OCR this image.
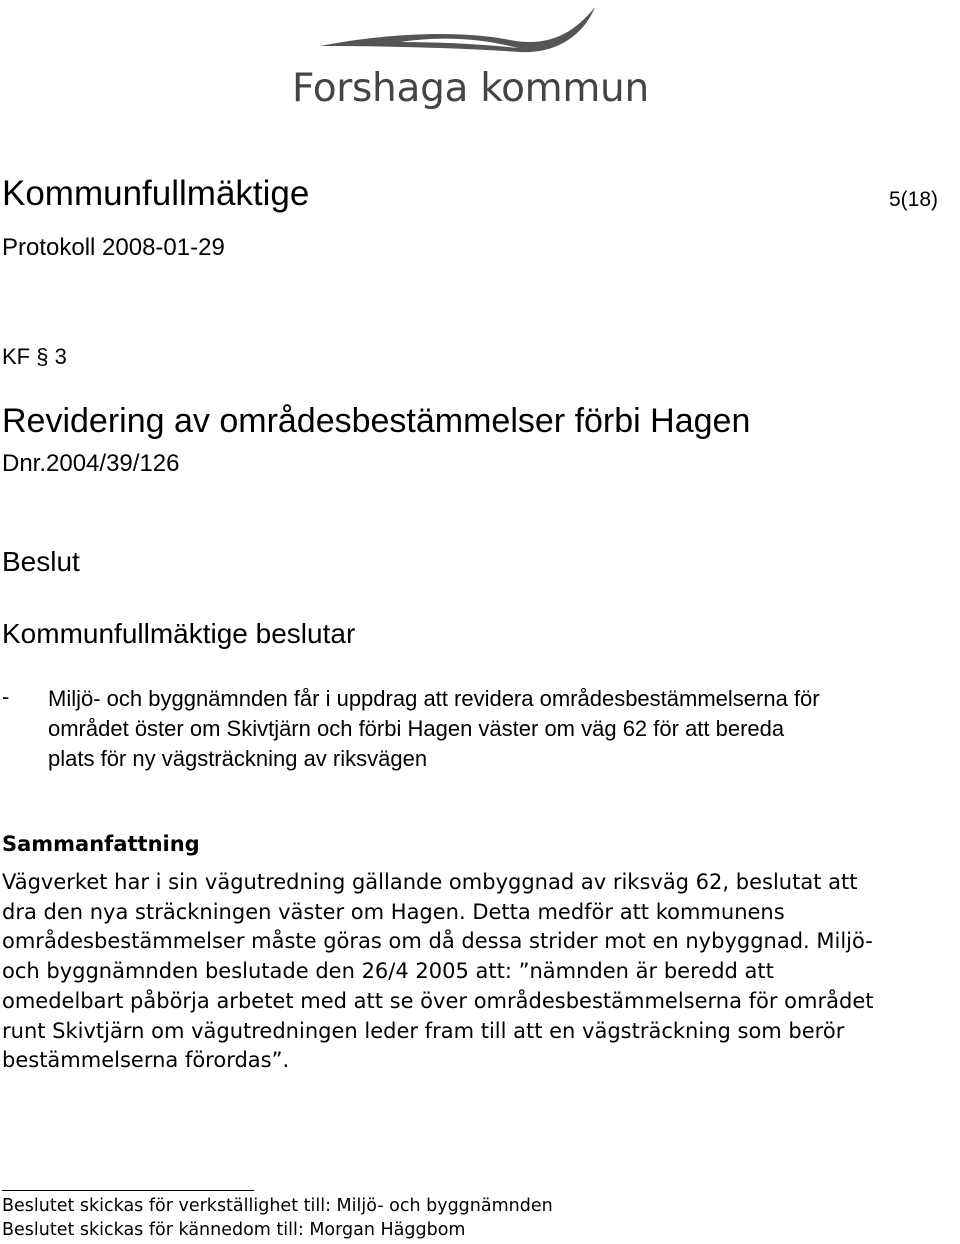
Forshaga kommun
Kommunfullmäktige	5(18)
Protokoll 2008-01-29
KF § 3
Revidering av områdesbestämmelser förbi Hagen
Dnr.2004/39/126
Beslut
Kommunfullmäktige beslutar
- Miljö- och byggnämnden får i uppdrag att revidera områdesbestämmelserna för
området öster om Skivtjärn och förbi Hagen väster om väg 62 för att bereda
plats för ny vägsträckning av riksvägen
Sammanfattning
Vägverket har i sin vägutredning gällande ombyggnad av riksväg 62, beslutat att
dra den nya sträckningen väster om Hagen. Detta medför att kommunens
områdesbestämmelser måste göras om då dessa strider mot en nybyggnad. Miljö-
och byggnämnden beslutade den 26/4 2005 att: ”nämnden är beredd att
omedelbart påbörja arbetet med att se över områdesbestämmelserna för området
runt Skivtjärn om vägutredningen leder fram till att en vägsträckning som berör
bestämmelserna förordas”.
Beslutet skickas för verkställighet till: Miljö- och byggnämnden
Beslutet skickas för kännedom till: Morgan Häggbom
